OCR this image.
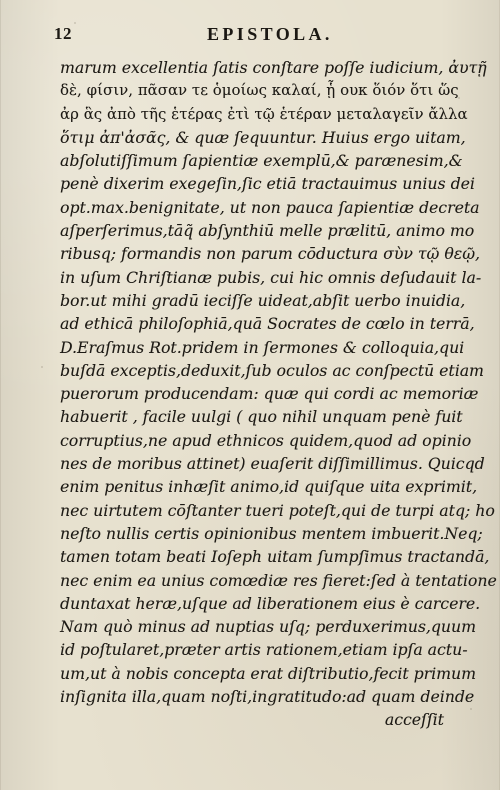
12	EPISTOLA.
marum excellentia ſatis conſtare poſſe iudicium, ἀυτῇ
δὲ, φίσιν, πᾶσαν τε ὁμοίως καλαί, ᾗ ουκ ὅιόν ὅτι ὥς
ἀρ ἃς ἀπὸ τῆς ἑτέρας ἐτὶ τῷ ἑτέραν μεταλαγεῖν ἄλλα
ὅτιμ ἀπ'ἀσᾶς, & quæ ſequuntur. Huius ergo uitam,
abſolutiſſimum ſapientiæ exemplū,& parænesim,&
penè dixerim exegeſin,ſic etiā tractauimus unius dei
opt.max.benignitate, ut non pauca ſapientiæ decreta
aſperſerimus,tāq̃ abſynthiū melle prælitū, animo mo
ribusq; formandis non parum cōductura σὺν τῷ θεῷ,
in uſum Chriſtianæ pubis, cui hic omnis deſudauit la-
bor.ut mihi gradū ieciſſe uideat,abſit uerbo inuidia,
ad ethicā philoſophiā,quā Socrates de cœlo in terrā,
D.Eraſmus Rot.pridem in ſermones & colloquia,qui
buſdā exceptis,deduxit,ſub oculos ac conſpectū etiam
puerorum producendam: quæ qui cordi ac memoriæ
habuerit , facile uulgi ( quo nihil unquam penè fuit
corruptius,ne apud ethnicos quidem,quod ad opinio
nes de moribus attinet) euaſerit diſſimillimus. Quicqd
enim penitus inhæſit animo,id quiſque uita exprimit,
nec uirtutem cōſtanter tueri poteſt,qui de turpi atq; ho
neſto nullis certis opinionibus mentem imbuerit.Neq;
tamen totam beati Ioſeph uitam ſumpſimus tractandā,
nec enim ea unius comœdiæ res fieret:ſed à tentatione
duntaxat heræ,uſque ad liberationem eius è carcere.
Nam quò minus ad nuptias uſq; perduxerimus,quum
id poſtularet,præter artis rationem,etiam ipſa actu-
um,ut à nobis concepta erat diſtributio,fecit primum
inſignita illa,quam noſti,ingratitudo:ad quam deinde
acceſſit
